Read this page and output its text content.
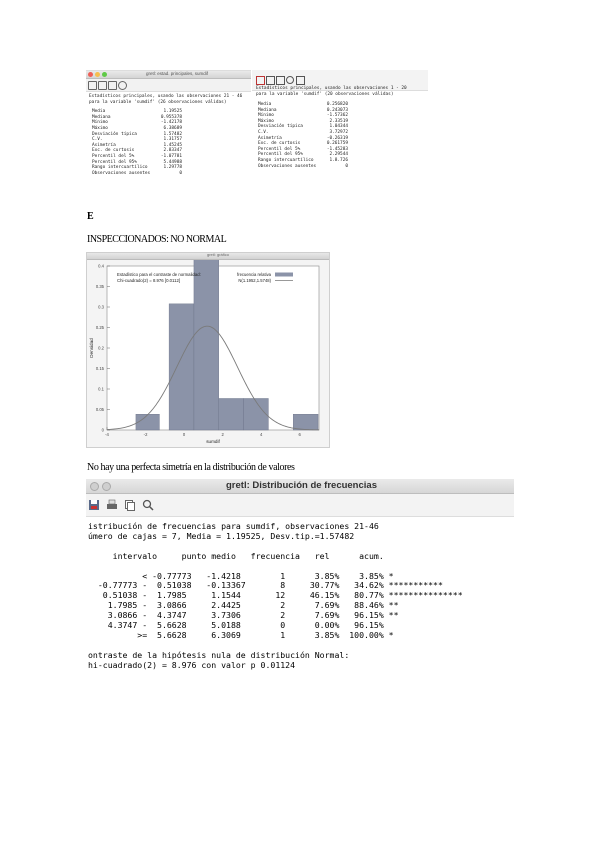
gretl: estad. principales, sumdif
Estadísticos principales, usando las observaciones 21 - 46
para la variable 'sumdif' (26 observaciones válidas)
Media	1.19525
Mediana	0.955378
Mínimo	-1.42178
Máximo	6.38689
Desviación típica	1.57482
C.V.	1.31757
Asimetría	1.45245
Exc. de curtosis	2.83347
Percentil del 5%	-1.07781
Percentil del 95%	5.44988
Rango intercuartílico	1.29778
Observaciones ausentes	0
Estadísticos principales, usando las observaciones 1 - 20
para la variable 'sumdif' (20 observaciones válidas)
Media	0.256820
Mediana	0.243073
Mínimo	-1.57362
Máximo	2.33519
Desviación típica	1.04344
C.V.	3.72972
Asimetría	-0.26319
Exc. de curtosis	0.261759
Percentil del 5%	-1.45283
Percentil del 95%	2.29544
Rango intercuartílico	1.8.726
Observaciones ausentes	0
E
INSPECCIONADOS: NO NORMAL
gretl: gráfico
0
0.05
0.1
0.15
0.2
0.25
0.3
0.35
0.4
-4	-2	0	2	4	6
Estadístico para el contraste de normalidad:
Chi-cuadrado(2) = 8.976 [0.0112]
frecuencia relativa
N(1.1952,1.5748)
sumdif
Densidad
No hay una perfecta simetría en la distribución de valores
gretl: Distribución de frecuencias
istribución de frecuencias para sumdif, observaciones 21-46
úmero de cajas = 7, Media = 1.19525, Desv.tip.=1.57482

intervalo     punto medio   frecuencia   rel      acum.

< -0.77773   -1.4218        1      3.85%    3.85% *
-0.77773 -  0.51038   -0.13367       8     30.77%   34.62% ***********
0.51038 -  1.7985     1.1544       12     46.15%   80.77% ***************
1.7985 -  3.0866     2.4425        2      7.69%   88.46% **
3.0866 -  4.3747     3.7306        2      7.69%   96.15% **
4.3747 -  5.6628     5.0188        0      0.00%   96.15%
>=  5.6628     6.3069        1      3.85%  100.00% *

ontraste de la hipótesis nula de distribución Normal:
hi-cuadrado(2) = 8.976 con valor p 0.01124
